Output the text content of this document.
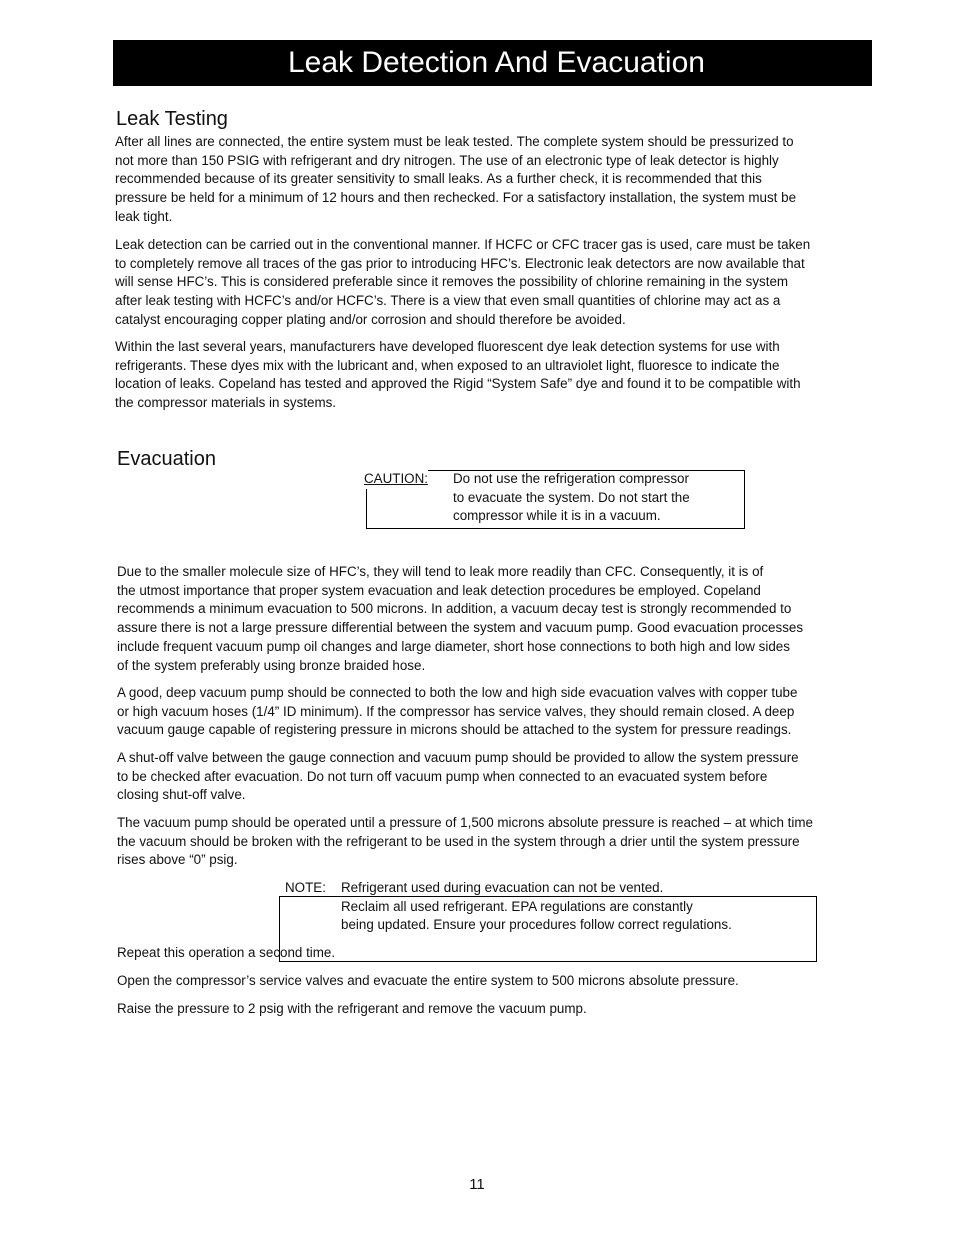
Leak Detection And Evacuation
Leak Testing
After all lines are connected, the entire system must be leak tested. The complete system should be pressurized to
not more than 150 PSIG with refrigerant and dry nitrogen. The use of an electronic type of leak detector is highly
recommended because of its greater sensitivity to small leaks. As a further check, it is recommended that this
pressure be held for a minimum of 12 hours and then rechecked. For a satisfactory installation, the system must be
leak tight.
Leak detection can be carried out in the conventional manner. If HCFC or CFC tracer gas is used, care must be taken
to completely remove all traces of the gas prior to introducing HFC’s. Electronic leak detectors are now available that
will sense HFC’s. This is considered preferable since it removes the possibility of chlorine remaining in the system
after leak testing with HCFC’s and/or HCFC’s. There is a view that even small quantities of chlorine may act as a
catalyst encouraging copper plating and/or corrosion and should therefore be avoided.
Within the last several years, manufacturers have developed fluorescent dye leak detection systems for use with
refrigerants. These dyes mix with the lubricant and, when exposed to an ultraviolet light, fluoresce to indicate the
location of leaks. Copeland has tested and approved the Rigid “System Safe” dye and found it to be compatible with
the compressor materials in systems.
Evacuation
CAUTION: Do not use the refrigeration compressor
to evacuate the system. Do not start the
compressor while it is in a vacuum.
Due to the smaller molecule size of HFC’s, they will tend to leak more readily than CFC. Consequently, it is of
the utmost importance that proper system evacuation and leak detection procedures be employed. Copeland
recommends a minimum evacuation to 500 microns. In addition, a vacuum decay test is strongly recommended to
assure there is not a large pressure differential between the system and vacuum pump. Good evacuation processes
include frequent vacuum pump oil changes and large diameter, short hose connections to both high and low sides
of the system preferably using bronze braided hose.
A good, deep vacuum pump should be connected to both the low and high side evacuation valves with copper tube
or high vacuum hoses (1/4” ID minimum). If the compressor has service valves, they should remain closed. A deep
vacuum gauge capable of registering pressure in microns should be attached to the system for pressure readings.
A shut-off valve between the gauge connection and vacuum pump should be provided to allow the system pressure
to be checked after evacuation. Do not turn off vacuum pump when connected to an evacuated system before
closing shut-off valve.
The vacuum pump should be operated until a pressure of 1,500 microns absolute pressure is reached – at which time
the vacuum should be broken with the refrigerant to be used in the system through a drier until the system pressure
rises above “0” psig.
NOTE: Refrigerant used during evacuation can not be vented.
Reclaim all used refrigerant. EPA regulations are constantly
being updated. Ensure your procedures follow correct regulations.
Repeat this operation a second time.
Open the compressor’s service valves and evacuate the entire system to 500 microns absolute pressure.
Raise the pressure to 2 psig with the refrigerant and remove the vacuum pump.
11
